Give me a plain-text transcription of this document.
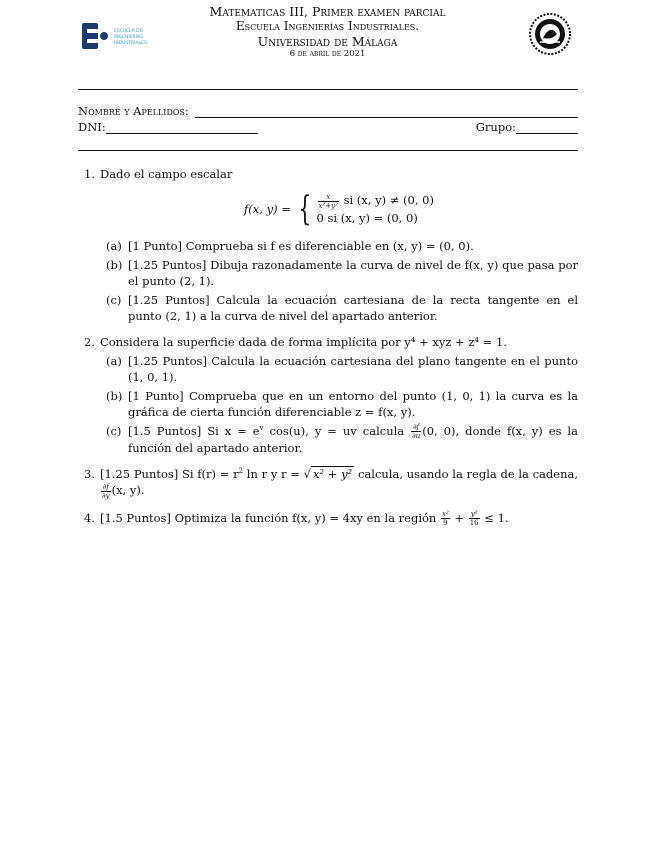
ESCUELA DE
INGENIERÍAS
INDUSTRIALES
Matematicas III, Primer examen parcial
Escuela Ingenierías Industriales.
Universidad de Málaga
6 de abril de 2021
Nombre y Apellidos:
DNI:	Grupo:
1. Dado el campo escalar
f(x, y) = { $\frac{x}{\text{x²+y²}}$ si (x, y) ≠ (0, 0)
0 si (x, y) = (0, 0)
(a) [1 Punto] Comprueba si f es diferenciable en (x, y) = (0, 0).
(b) [1.25 Puntos] Dibuja razonadamente la curva de nivel de f(x, y) que pasa por el punto (2, 1).
(c) [1.25 Puntos] Calcula la ecuación cartesiana de la recta tangente en el punto (2, 1) a la curva de nivel del apartado anterior.
2. Considera la superficie dada de forma implícita por y⁴ + xyz + z⁴ = 1.
(a) [1.25 Puntos] Calcula la ecuación cartesiana del plano tangente en el punto (1, 0, 1).
(b) [1 Punto] Comprueba que en un entorno del punto (1, 0, 1) la curva es la gráfica de cierta función diferenciable z = f(x, y).
(c) [1.5 Puntos] Si $x = e^v$ cos(u), y = uv calcula $\frac{\partial f}{\partial u} (0$, 0), donde f(x, y) es la función del apartado anterior.
3. [1.25 Puntos] Si $f(r) = r^2$ ln r y r = √ x² + y² calcula, usando la regla de la cadena,
$\frac{\partial f}{\partial y} (x$, y).
4. [1.5 Puntos] Optimiza la función f(x, y) = 4xy en la región $\frac{\text{x²}}{9} + \frac{\text{y²}}{16} \le 1$.
